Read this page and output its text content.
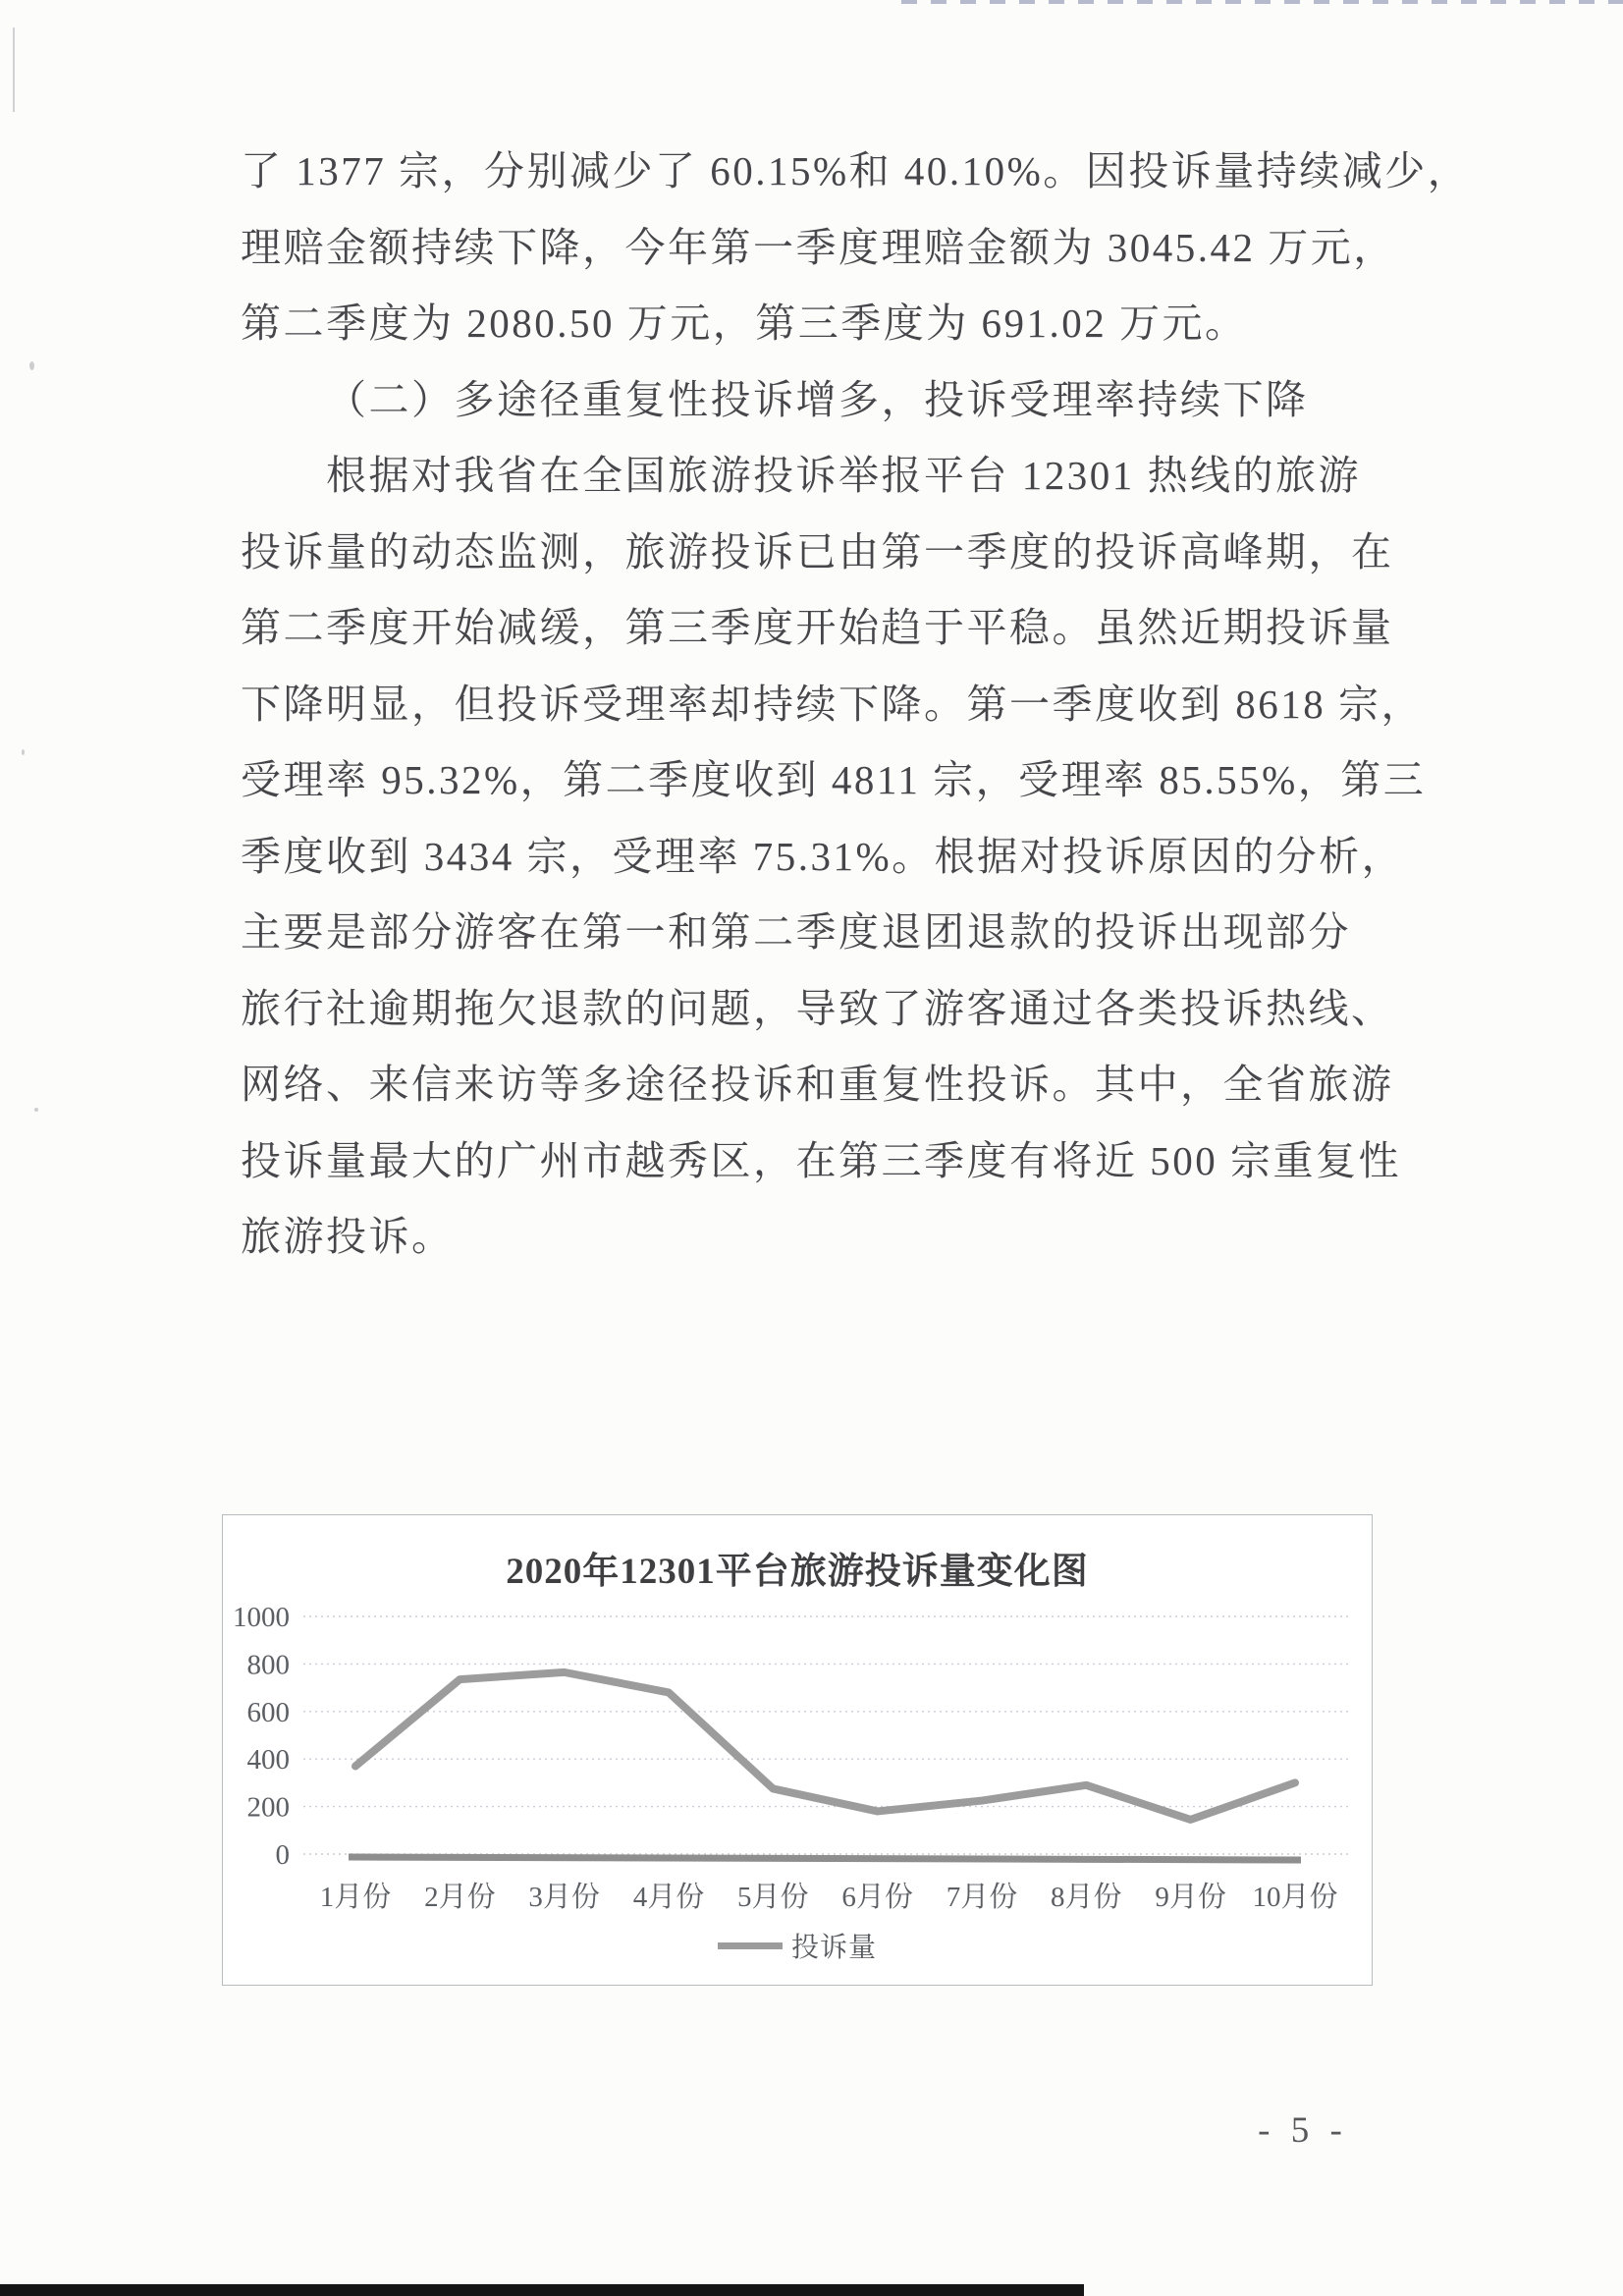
了 1377 宗，分别减少了 60.15%和 40.10%。因投诉量持续减少，
理赔金额持续下降，今年第一季度理赔金额为 3045.42 万元，
第二季度为 2080.50 万元，第三季度为 691.02 万元。
（二）多途径重复性投诉增多，投诉受理率持续下降
根据对我省在全国旅游投诉举报平台 12301 热线的旅游
投诉量的动态监测，旅游投诉已由第一季度的投诉高峰期，在
第二季度开始减缓，第三季度开始趋于平稳。虽然近期投诉量
下降明显，但投诉受理率却持续下降。第一季度收到 8618 宗，
受理率 95.32%，第二季度收到 4811 宗，受理率 85.55%，第三
季度收到 3434 宗，受理率 75.31%。根据对投诉原因的分析，
主要是部分游客在第一和第二季度退团退款的投诉出现部分
旅行社逾期拖欠退款的问题，导致了游客通过各类投诉热线、
网络、来信来访等多途径投诉和重复性投诉。其中，全省旅游
投诉量最大的广州市越秀区，在第三季度有将近 500 宗重复性
旅游投诉。
2020年12301平台旅游投诉量变化图
0
200
400
600
800
1000
1月份 2月份 3月份 4月份 5月份 6月份 7月份 8月份 9月份 10月份
投诉量
- 5 -
